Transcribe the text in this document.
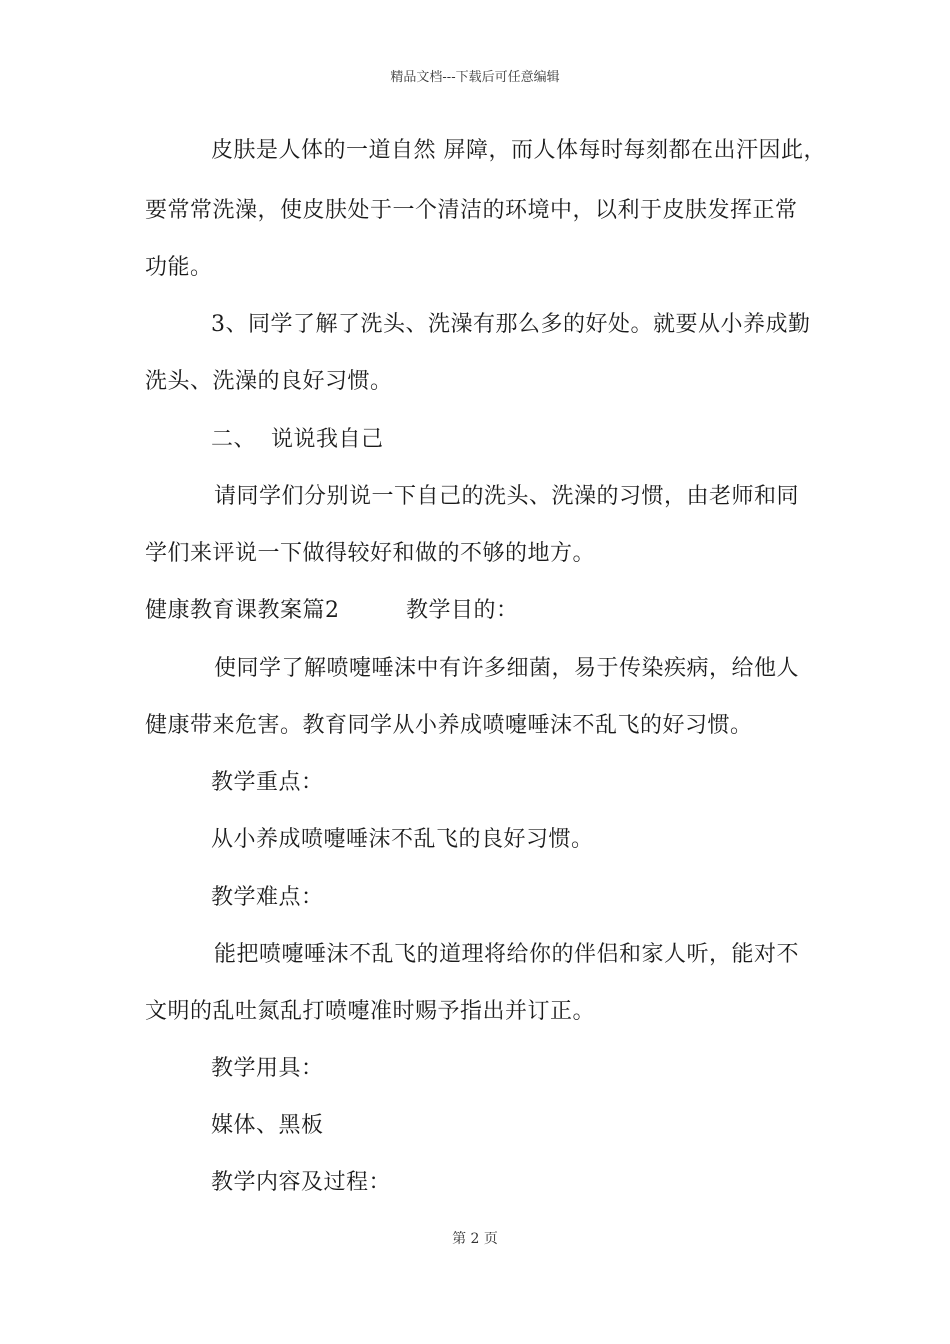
精品文档---下载后可任意编辑
皮肤是人体的一道自然 屏障，而人体每时每刻都在出汗因此，
要常常洗澡，使皮肤处于一个清洁的环境中，以利于皮肤发挥正常
功能。
3、同学了解了洗头、洗澡有那么多的好处。就要从小养成勤
洗头、洗澡的良好习惯。
二、  说说我自己
请同学们分别说一下自己的洗头、洗澡的习惯，由老师和同
学们来评说一下做得较好和做的不够的地方。
健康教育课教案篇2	教学目的：
使同学了解喷嚏唾沫中有许多细菌，易于传染疾病，给他人
健康带来危害。教育同学从小养成喷嚏唾沫不乱飞的好习惯。
教学重点：
从小养成喷嚏唾沫不乱飞的良好习惯。
教学难点：
能把喷嚏唾沫不乱飞的道理将给你的伴侣和家人听，能对不
文明的乱吐氮乱打喷嚏准时赐予指出并订正。
教学用具：
媒体、黑板
教学内容及过程：
第 2 页
